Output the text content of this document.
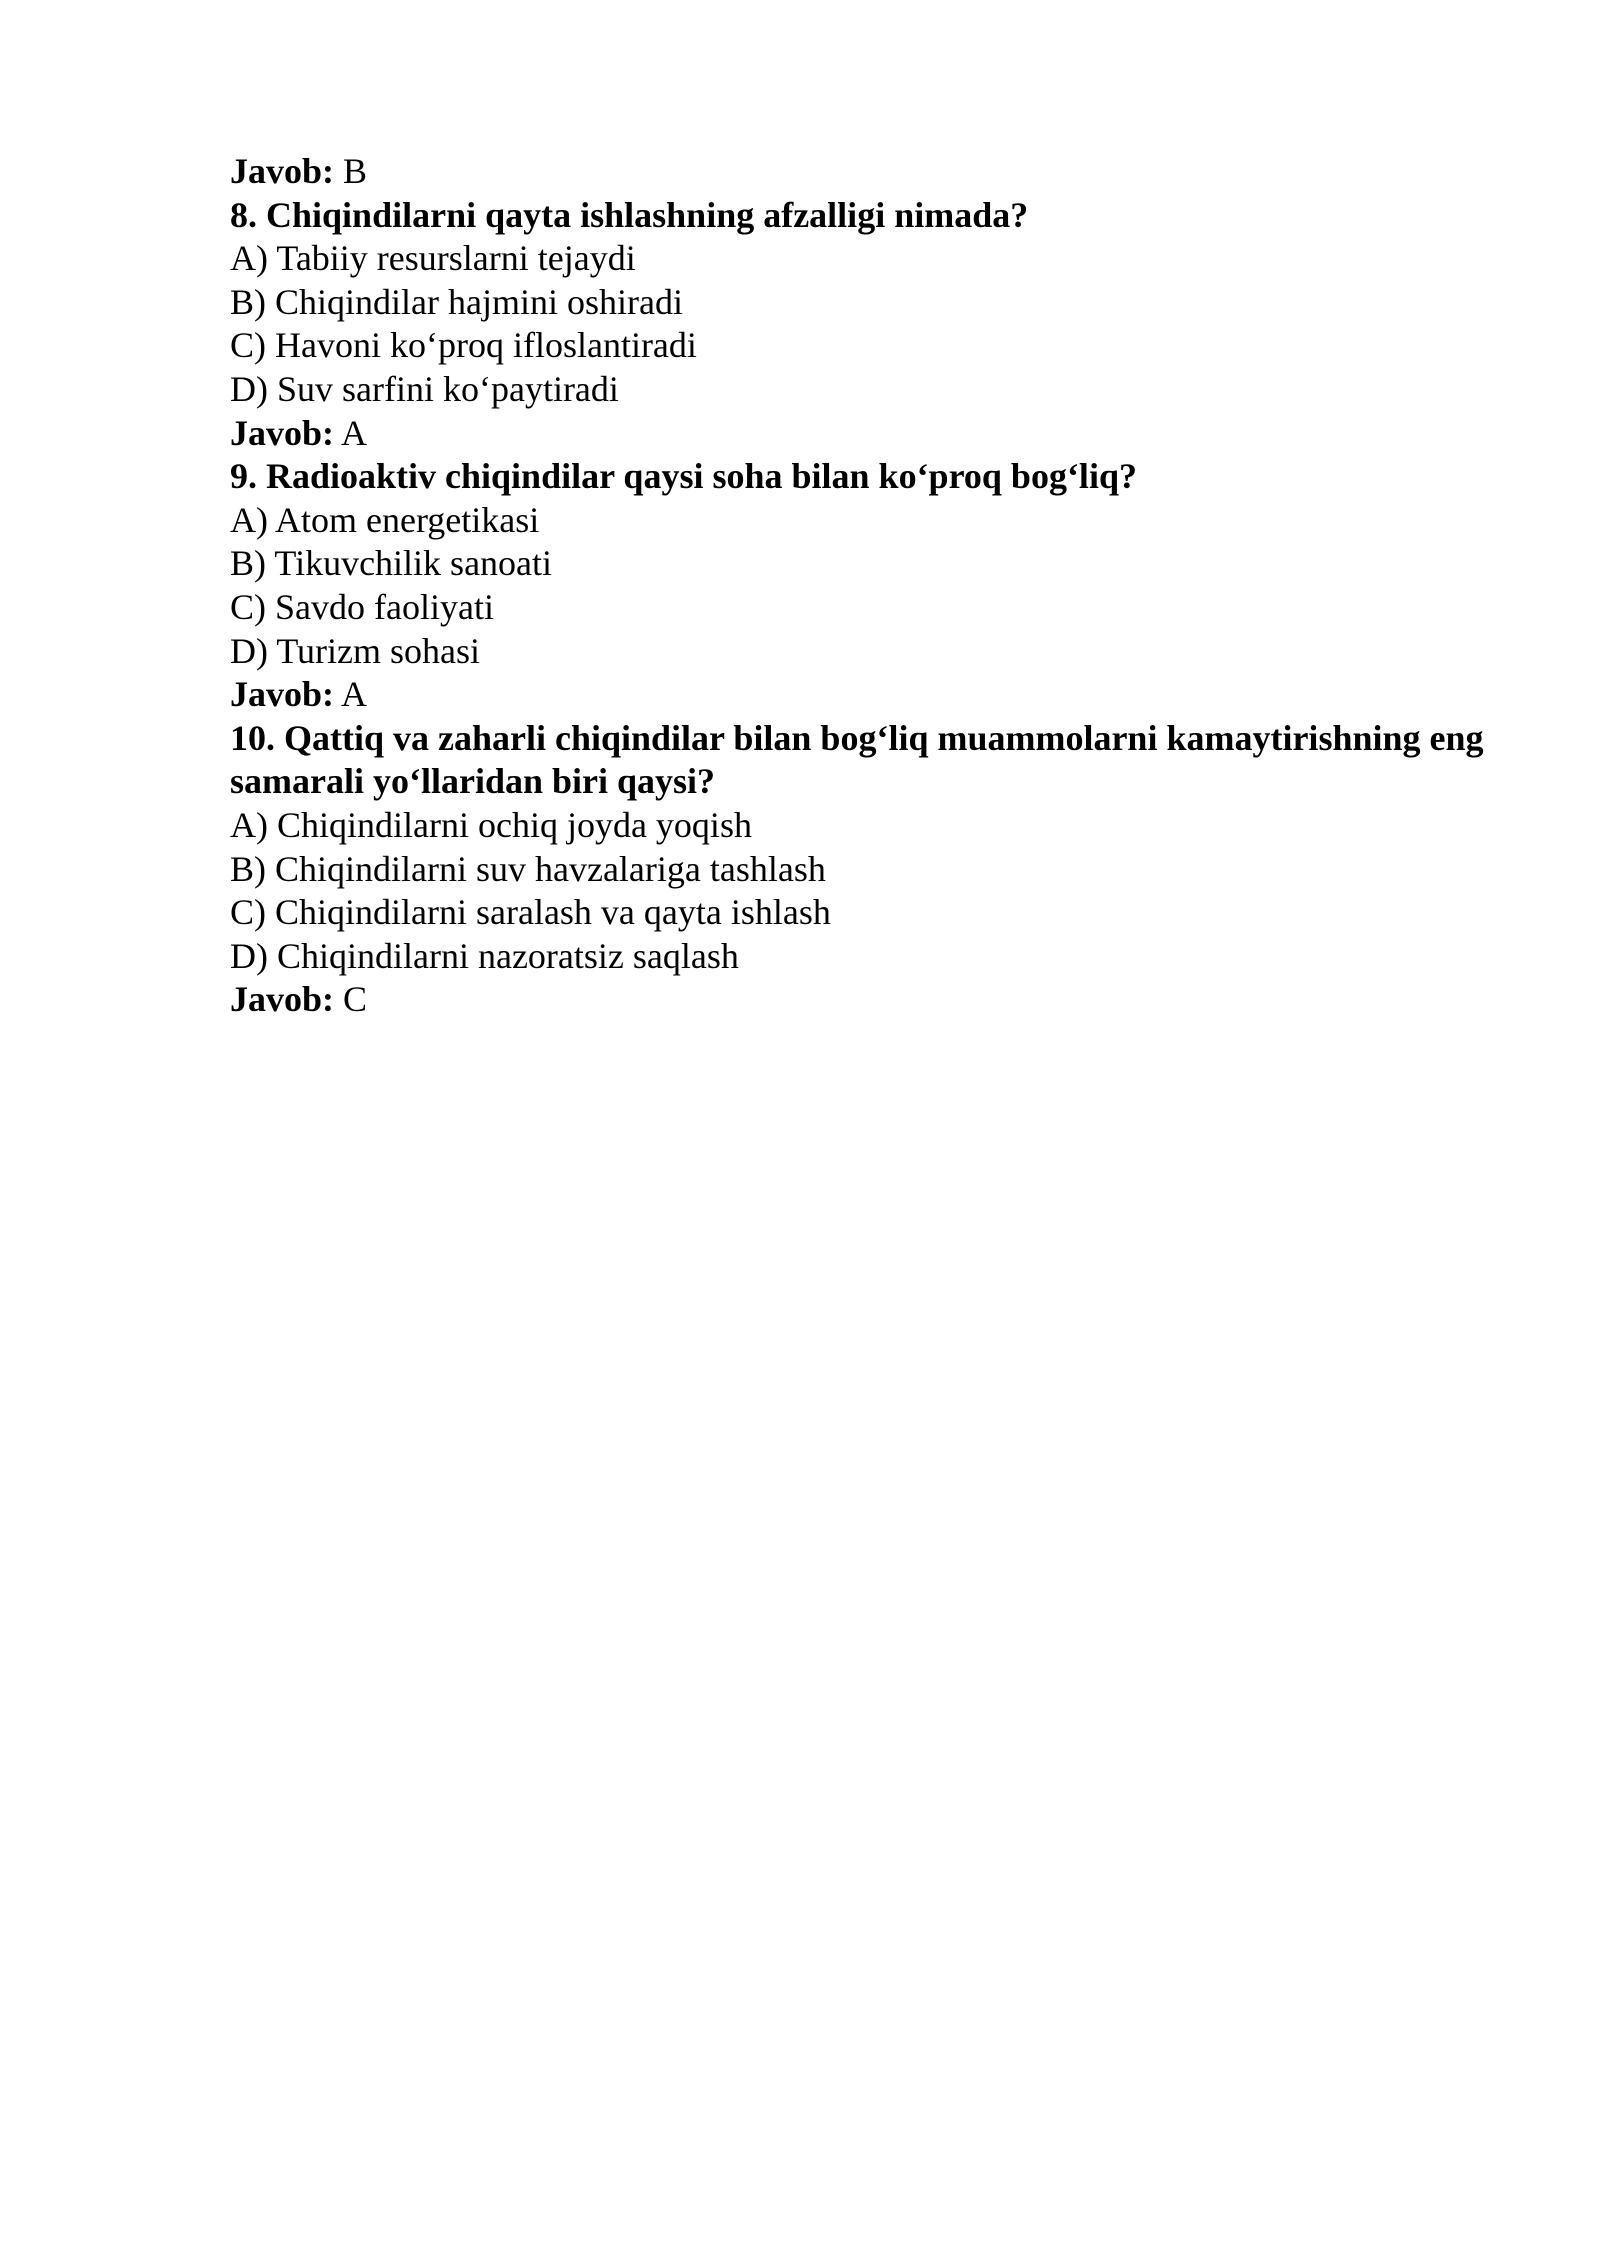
Javob: B
8. Chiqindilarni qayta ishlashning afzalligi nimada?
A) Tabiiy resurslarni tejaydi
B) Chiqindilar hajmini oshiradi
C) Havoni ko‘proq ifloslantiradi
D) Suv sarfini ko‘paytiradi
Javob: A
9. Radioaktiv chiqindilar qaysi soha bilan ko‘proq bog‘liq?
A) Atom energetikasi
B) Tikuvchilik sanoati
C) Savdo faoliyati
D) Turizm sohasi
Javob: A
10. Qattiq va zaharli chiqindilar bilan bog‘liq muammolarni kamaytirishning eng samarali yo‘llaridan biri qaysi?
A) Chiqindilarni ochiq joyda yoqish
B) Chiqindilarni suv havzalariga tashlash
C) Chiqindilarni saralash va qayta ishlash
D) Chiqindilarni nazoratsiz saqlash
Javob: C
